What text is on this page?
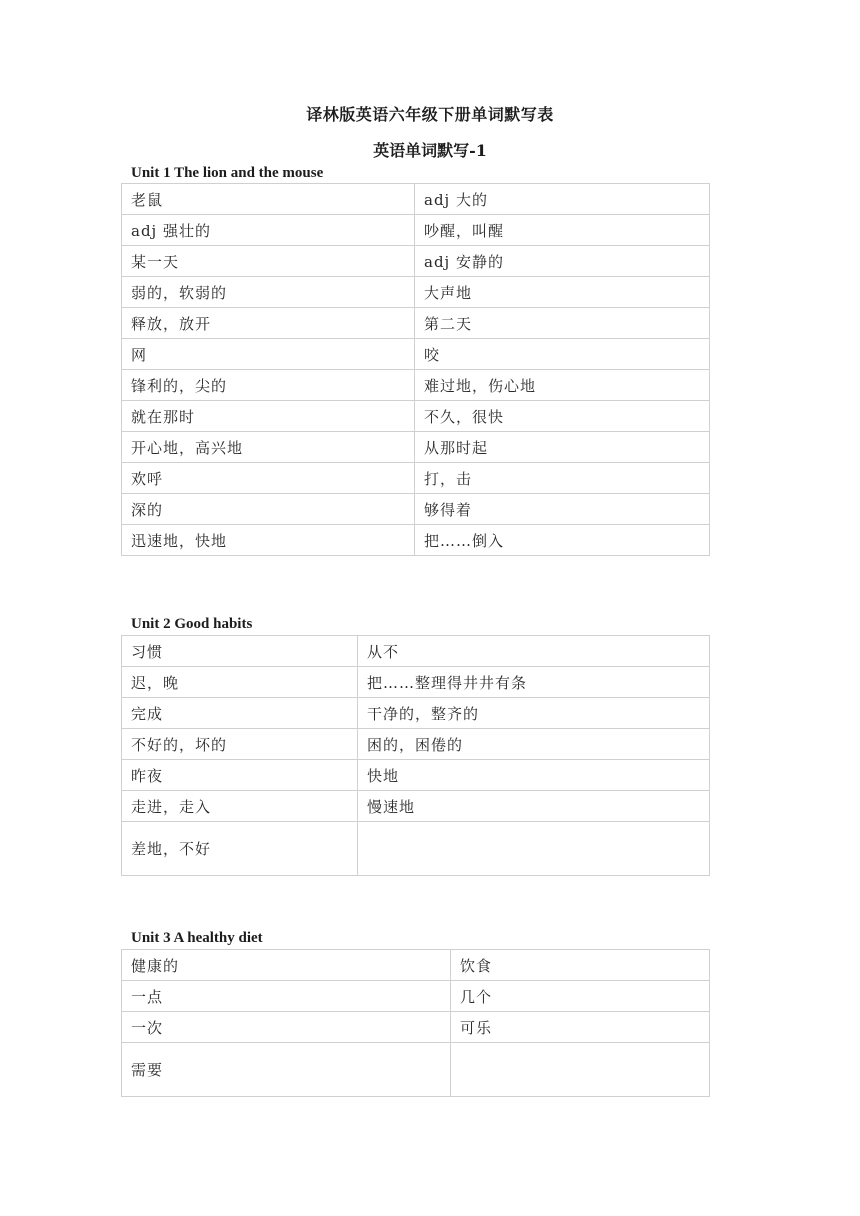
译林版英语六年级下册单词默写表
英语单词默写-1
Unit 1 The lion and the mouse
老鼠	adj 大的
adj 强壮的	吵醒，叫醒
某一天	adj 安静的
弱的，软弱的	大声地
释放，放开	第二天
网	咬
锋利的，尖的	难过地，伤心地
就在那时	不久，很快
开心地，高兴地	从那时起
欢呼	打，击
深的	够得着
迅速地，快地	把……倒入
Unit 2 Good habits
习惯	从不
迟，晚	把……整理得井井有条
完成	干净的，整齐的
不好的，坏的	困的，困倦的
昨夜	快地
走进，走入	慢速地
差地，不好	
Unit 3 A healthy diet
健康的	饮食
一点	几个
一次	可乐
需要	
